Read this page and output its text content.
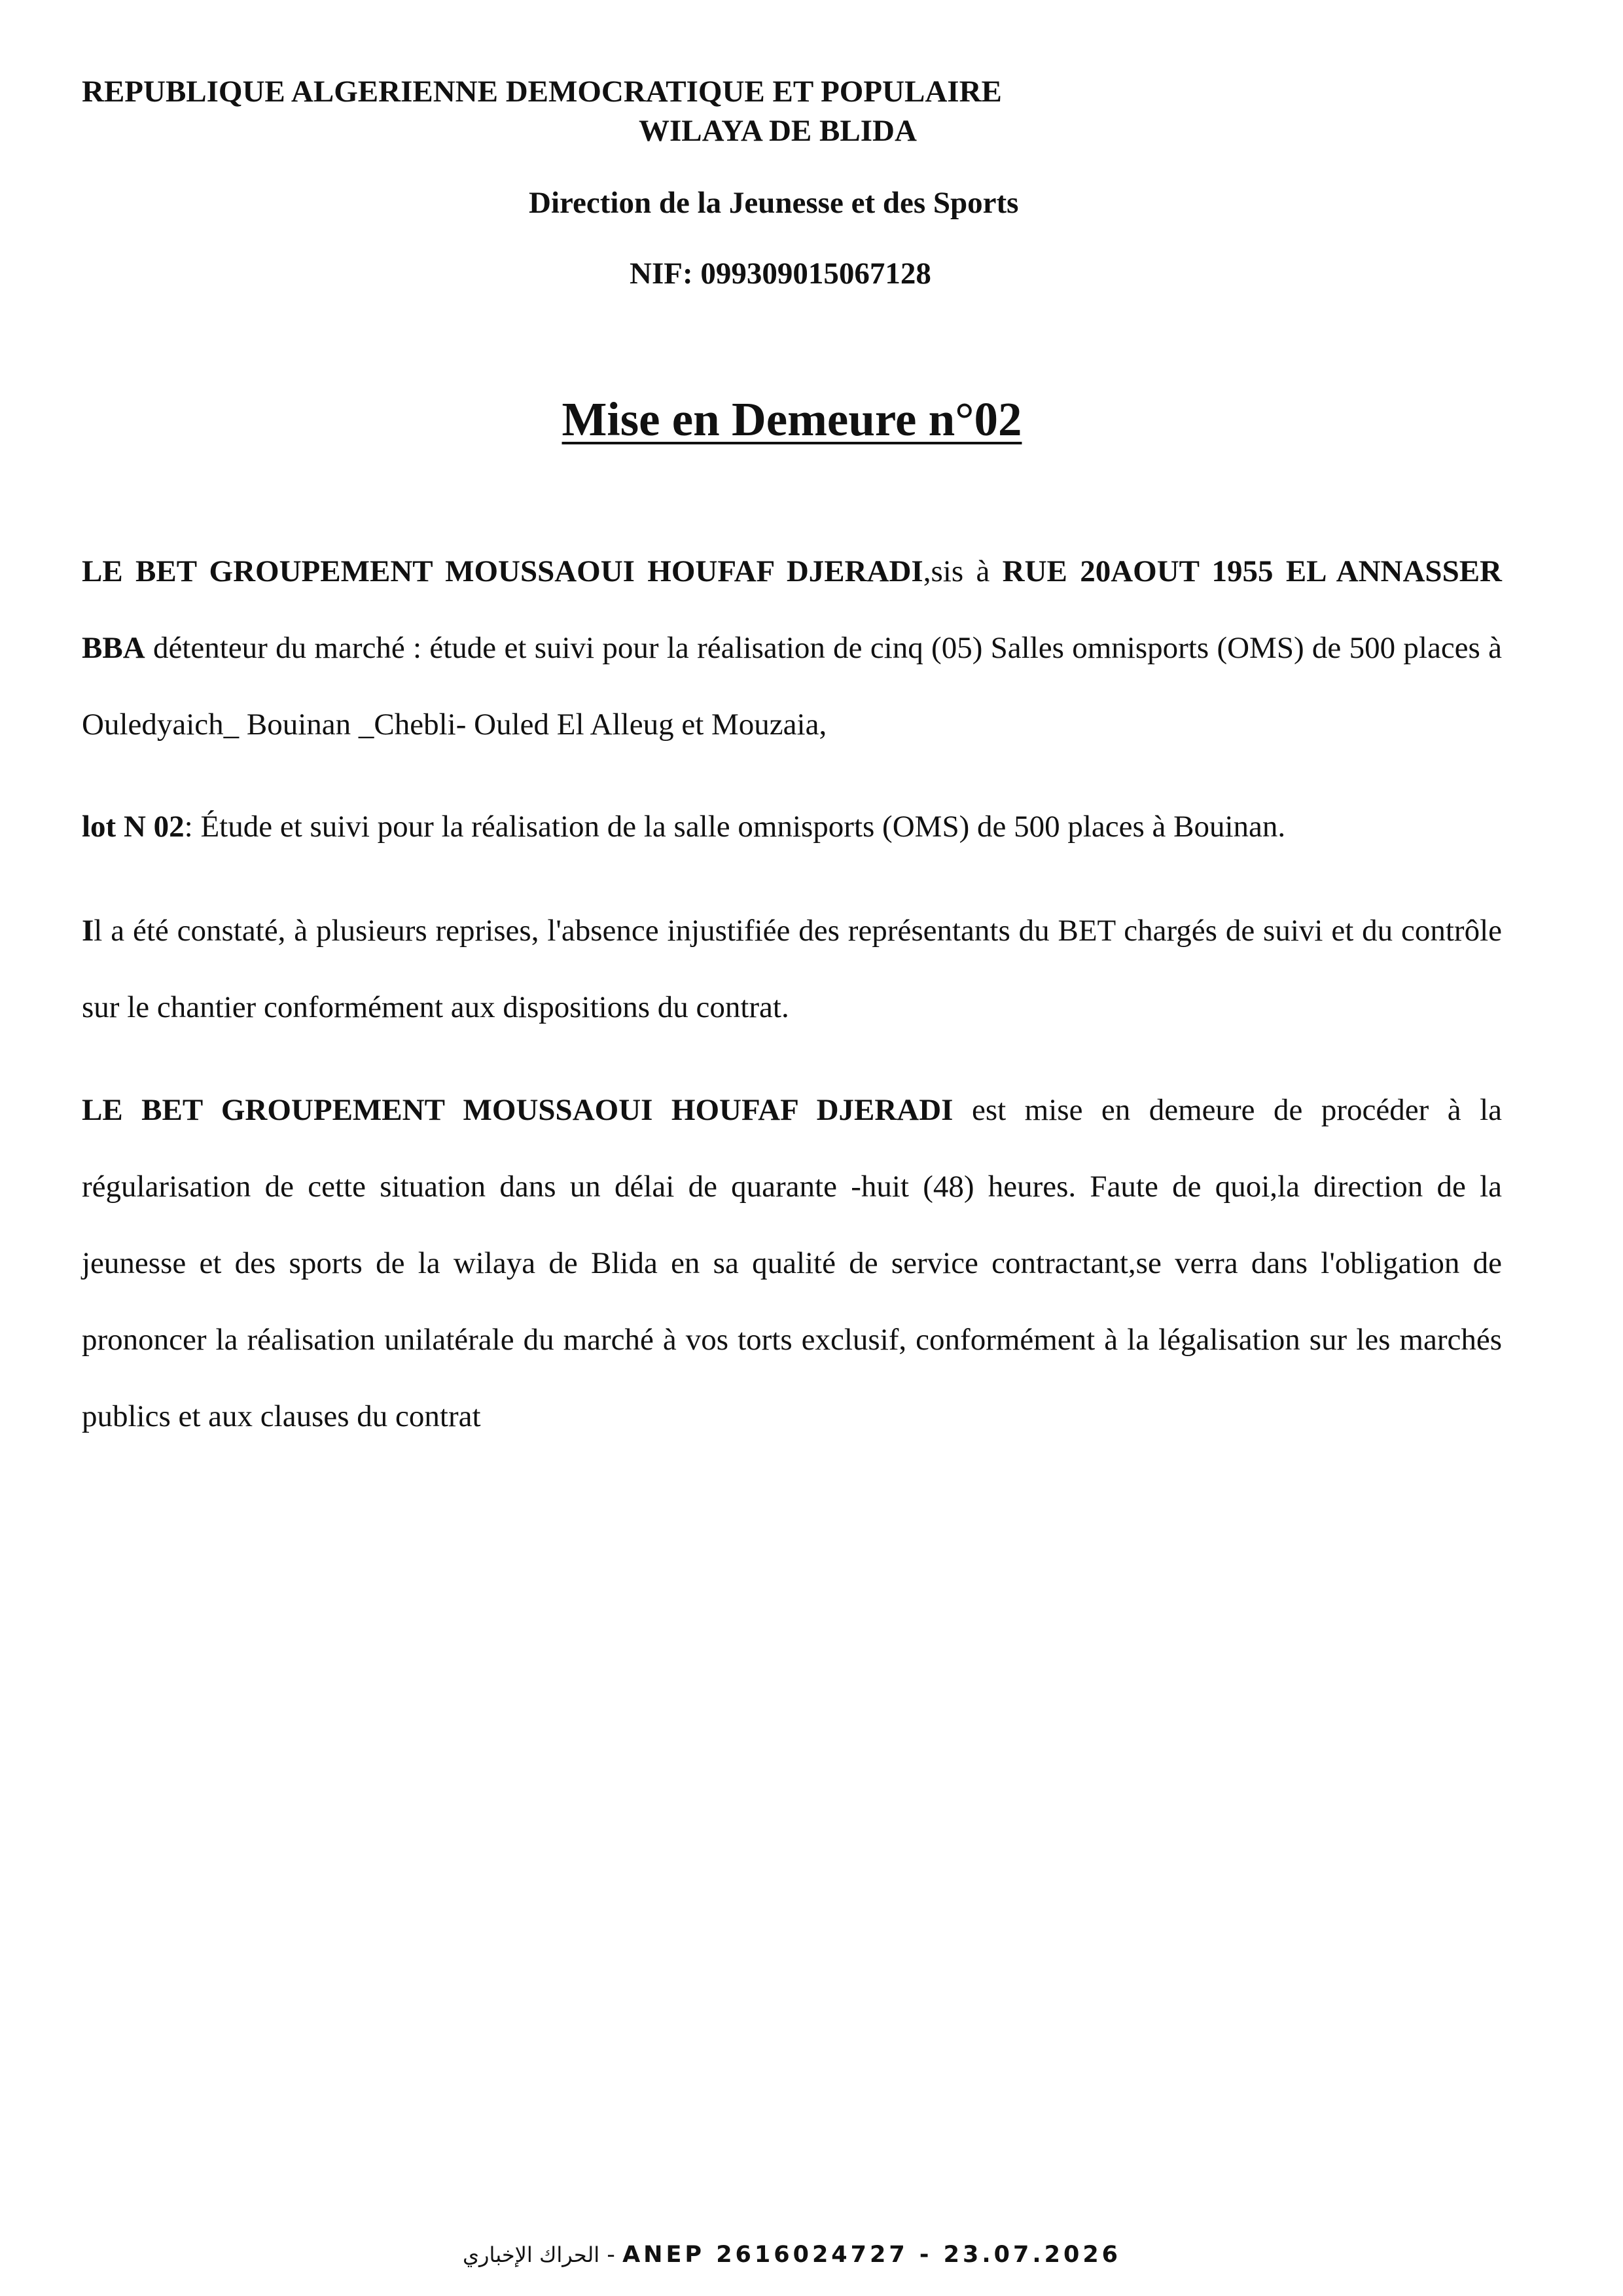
REPUBLIQUE ALGERIENNE DEMOCRATIQUE ET POPULAIRE
WILAYA DE BLIDA
Direction de la Jeunesse et des Sports
NIF: 099309015067128
Mise en Demeure n°02

LE BET GROUPEMENT MOUSSAOUI HOUFAF DJERADI,sis à RUE 20AOUT 1955 EL ANNASSER BBA détenteur du marché : étude et suivi pour la réalisation de cinq (05) Salles omnisports (OMS) de 500 places à Ouledyaich_ Bouinan _Chebli- Ouled El Alleug et Mouzaia,

lot N 02: Étude et suivi pour la réalisation de la salle omnisports (OMS) de 500 places à Bouinan.

Il a été constaté, à plusieurs reprises, l'absence injustifiée des représentants du BET chargés de suivi et du contrôle sur le chantier conformément aux dispositions du contrat.

LE BET GROUPEMENT MOUSSAOUI HOUFAF DJERADI est mise en demeure de procéder à la régularisation de cette situation dans un délai de quarante -huit (48) heures. Faute de quoi,la direction de la jeunesse et des sports de la wilaya de Blida en sa qualité de service contractant,se verra dans l'obligation de prononcer la réalisation unilatérale du marché à vos torts exclusif, conformément à la légalisation sur les marchés publics et aux clauses du contrat

الحراك الإخباري - ANEP 2616024727 - 23.07.2026
